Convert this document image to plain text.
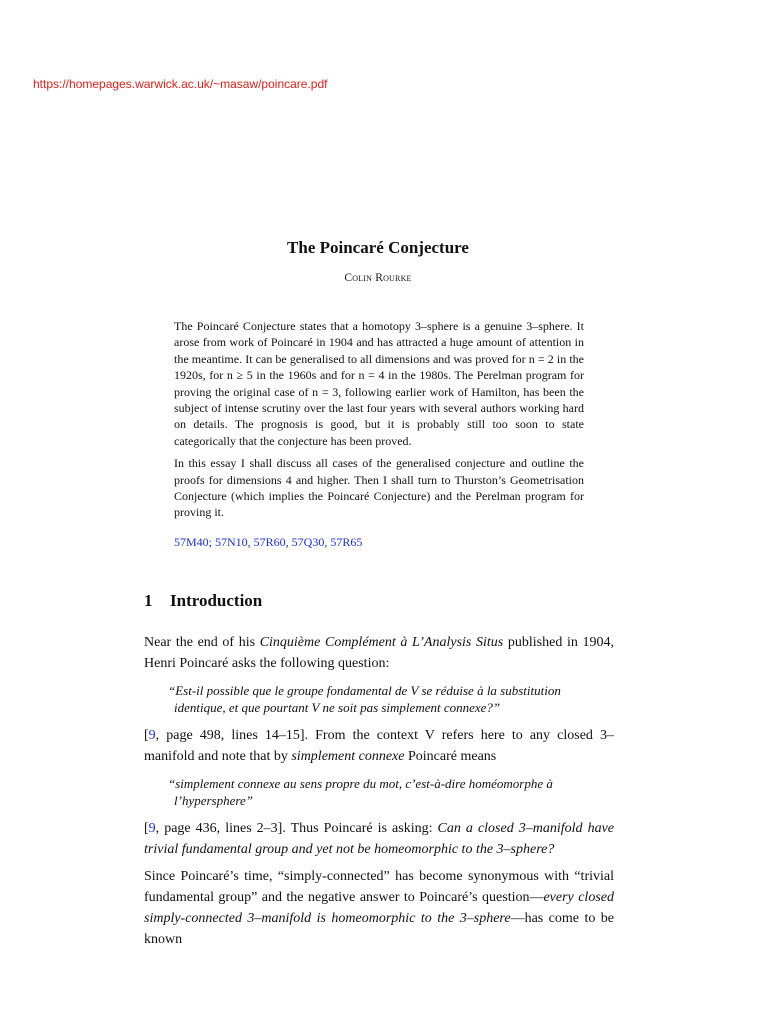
https://homepages.warwick.ac.uk/~masaw/poincare.pdf
The Poincaré Conjecture
Colin Rourke

The Poincaré Conjecture states that a homotopy 3–sphere is a genuine 3–sphere. It arose from work of Poincaré in 1904 and has attracted a huge amount of attention in the meantime. It can be generalised to all dimensions and was proved for n = 2 in the 1920s, for n ≥ 5 in the 1960s and for n = 4 in the 1980s. The Perelman program for proving the original case of n = 3, following earlier work of Hamilton, has been the subject of intense scrutiny over the last four years with several authors working hard on details. The prognosis is good, but it is probably still too soon to state categorically that the conjecture has been proved.

In this essay I shall discuss all cases of the generalised conjecture and outline the proofs for dimensions 4 and higher. Then I shall turn to Thurston’s Geometrisation Conjecture (which implies the Poincaré Conjecture) and the Perelman program for proving it.

57M40; 57N10, 57R60, 57Q30, 57R65
1 Introduction

Near the end of his Cinquième Complément à L’Analysis Situs published in 1904, Henri Poincaré asks the following question:

“Est-il possible que le groupe fondamental de V se réduise à la substitution
identique, et que pourtant V ne soit pas simplement connexe?”

[9, page 498, lines 14–15]. From the context V refers here to any closed 3–manifold and note that by simplement connexe Poincaré means

“simplement connexe au sens propre du mot, c’est-à-dire homéomorphe à
l’hypersphere”

[9, page 436, lines 2–3]. Thus Poincaré is asking: Can a closed 3–manifold have trivial fundamental group and yet not be homeomorphic to the 3–sphere?

Since Poincaré’s time, “simply-connected” has become synonymous with “trivial fundamental group” and the negative answer to Poincaré’s question—every closed simply-connected 3–manifold is homeomorphic to the 3–sphere—has come to be known
